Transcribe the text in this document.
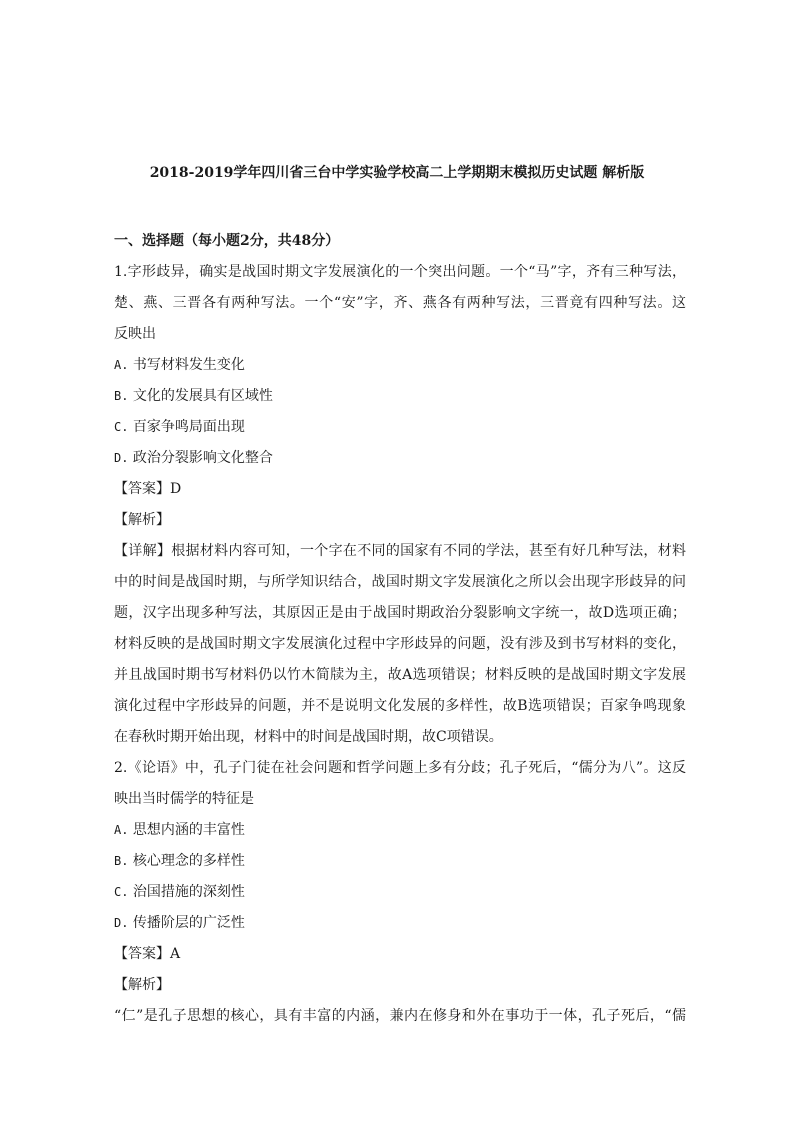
2018-2019学年四川省三台中学实验学校高二上学期期末模拟历史试题 解析版
一、选择题（每小题2分，共48分）
1.字形歧异，确实是战国时期文字发展演化的一个突出问题。一个“马”字，齐有三种写法，
楚、燕、三晋各有两种写法。一个“安”字，齐、燕各有两种写法，三晋竟有四种写法。这
反映出
A. 书写材料发生变化
B. 文化的发展具有区域性
C. 百家争鸣局面出现
D. 政治分裂影响文化整合
【答案】D
【解析】
【详解】根据材料内容可知，一个字在不同的国家有不同的学法，甚至有好几种写法，材料
中的时间是战国时期，与所学知识结合，战国时期文字发展演化之所以会出现字形歧异的问
题，汉字出现多种写法，其原因正是由于战国时期政治分裂影响文字统一，故D选项正确；
材料反映的是战国时期文字发展演化过程中字形歧异的问题，没有涉及到书写材料的变化，
并且战国时期书写材料仍以竹木简牍为主，故A选项错误；材料反映的是战国时期文字发展
演化过程中字形歧异的问题，并不是说明文化发展的多样性，故B选项错误；百家争鸣现象
在春秋时期开始出现，材料中的时间是战国时期，故C项错误。
2.《论语》中，孔子门徒在社会问题和哲学问题上多有分歧；孔子死后，“儒分为八”。这反
映出当时儒学的特征是
A. 思想内涵的丰富性
B. 核心理念的多样性
C. 治国措施的深刻性
D. 传播阶层的广泛性
【答案】A
【解析】
“仁”是孔子思想的核心，具有丰富的内涵，兼内在修身和外在事功于一体，孔子死后，“儒
